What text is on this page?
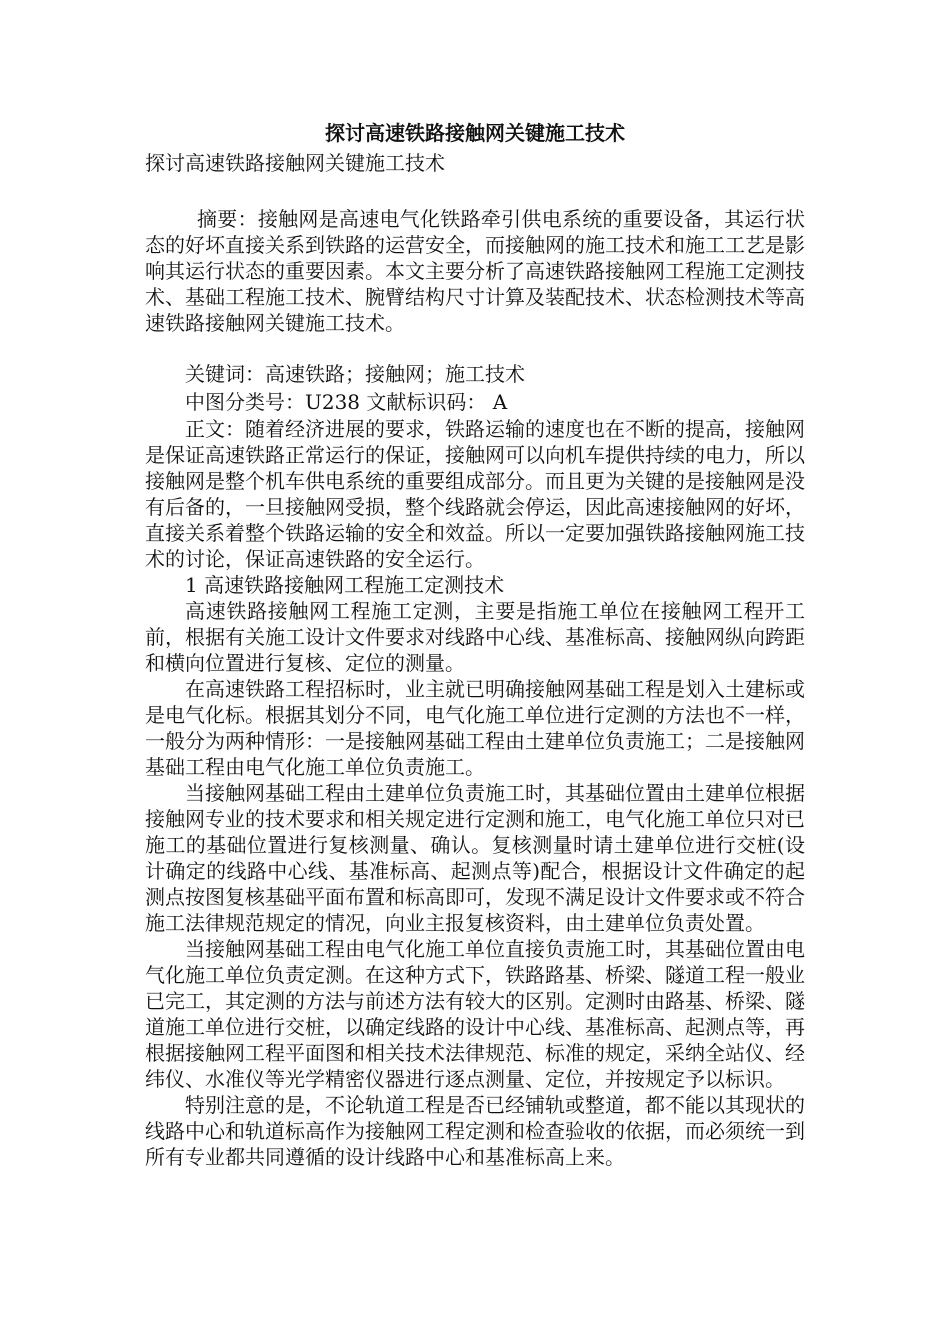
探讨高速铁路接触网关键施工技术
探讨高速铁路接触网关键施工技术

摘要：接触网是高速电气化铁路牵引供电系统的重要设备，其运行状态的好坏直接关系到铁路的运营安全，而接触网的施工技术和施工工艺是影响其运行状态的重要因素。本文主要分析了高速铁路接触网工程施工定测技术、基础工程施工技术、腕臂结构尺寸计算及装配技术、状态检测技术等高速铁路接触网关键施工技术。

关键词：高速铁路；接触网；施工技术

中图分类号：U238 文献标识码： A

正文：随着经济进展的要求，铁路运输的速度也在不断的提高，接触网是保证高速铁路正常运行的保证，接触网可以向机车提供持续的电力，所以接触网是整个机车供电系统的重要组成部分。而且更为关键的是接触网是没有后备的，一旦接触网受损，整个线路就会停运，因此高速接触网的好坏，直接关系着整个铁路运输的安全和效益。所以一定要加强铁路接触网施工技术的讨论，保证高速铁路的安全运行。

1 高速铁路接触网工程施工定测技术

高速铁路接触网工程施工定测，主要是指施工单位在接触网工程开工前，根据有关施工设计文件要求对线路中心线、基准标高、接触网纵向跨距和横向位置进行复核、定位的测量。

在高速铁路工程招标时，业主就已明确接触网基础工程是划入土建标或是电气化标。根据其划分不同，电气化施工单位进行定测的方法也不一样，一般分为两种情形：一是接触网基础工程由土建单位负责施工；二是接触网基础工程由电气化施工单位负责施工。

当接触网基础工程由土建单位负责施工时，其基础位置由土建单位根据接触网专业的技术要求和相关规定进行定测和施工，电气化施工单位只对已施工的基础位置进行复核测量、确认。复核测量时请土建单位进行交桩(设计确定的线路中心线、基准标高、起测点等)配合，根据设计文件确定的起测点按图复核基础平面布置和标高即可，发现不满足设计文件要求或不符合施工法律规范规定的情况，向业主报复核资料，由土建单位负责处置。

当接触网基础工程由电气化施工单位直接负责施工时，其基础位置由电气化施工单位负责定测。在这种方式下，铁路路基、桥梁、隧道工程一般业已完工，其定测的方法与前述方法有较大的区别。定测时由路基、桥梁、隧道施工单位进行交桩，以确定线路的设计中心线、基准标高、起测点等，再根据接触网工程平面图和相关技术法律规范、标准的规定，采纳全站仪、经纬仪、水准仪等光学精密仪器进行逐点测量、定位，并按规定予以标识。

特别注意的是，不论轨道工程是否已经铺轨或整道，都不能以其现状的线路中心和轨道标高作为接触网工程定测和检查验收的依据，而必须统一到所有专业都共同遵循的设计线路中心和基准标高上来。
